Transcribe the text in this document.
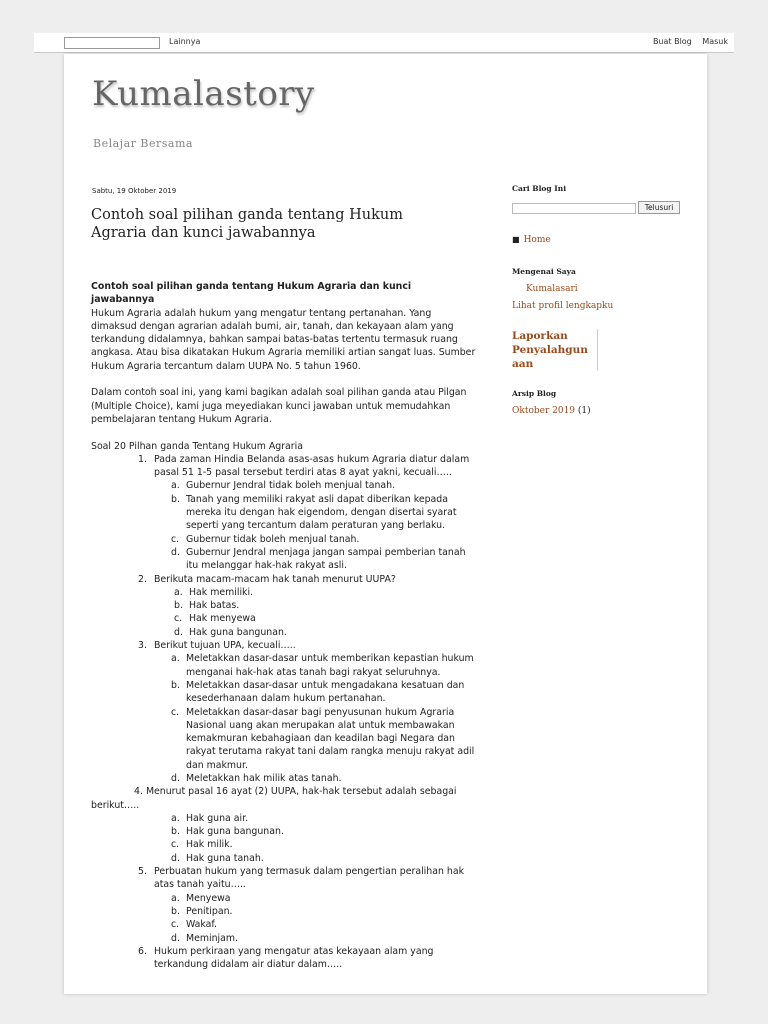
Lainnya	Buat Blog Masuk
Kumalastory
Belajar Bersama
Sabtu, 19 Oktober 2019
Contoh soal pilihan ganda tentang Hukum Agraria dan kunci jawabannya
Contoh soal pilihan ganda tentang Hukum Agraria dan kunci jawabannya

Hukum Agraria adalah hukum yang mengatur tentang pertanahan. Yang dimaksud dengan agrarian adalah bumi, air, tanah, dan kekayaan alam yang terkandung didalamnya, bahkan sampai batas-batas tertentu termasuk ruang angkasa. Atau bisa dikatakan Hukum Agraria memiliki artian sangat luas. Sumber Hukum Agraria tercantum dalam UUPA No. 5 tahun 1960.

Dalam contoh soal ini, yang kami bagikan adalah soal pilihan ganda atau Pilgan (Multiple Choice), kami juga meyediakan kunci jawaban untuk memudahkan pembelajaran tentang Hukum Agraria.

Soal 20 Pilhan ganda Tentang Hukum Agraria
1. Pada zaman Hindia Belanda asas-asas hukum Agraria diatur dalam pasal 51 1-5 pasal tersebut terdiri atas 8 ayat yakni, kecuali…..
a. Gubernur Jendral tidak boleh menjual tanah.
b. Tanah yang memiliki rakyat asli dapat diberikan kepada mereka itu dengan hak eigendom, dengan disertai syarat seperti yang tercantum dalam peraturan yang berlaku.
c. Gubernur tidak boleh menjual tanah.
d. Gubernur Jendral menjaga jangan sampai pemberian tanah itu melanggar hak-hak rakyat asli.
2. Berikuta macam-macam hak tanah menurut UUPA?
a. Hak memiliki.
b. Hak batas.
c. Hak menyewa
d. Hak guna bangunan.
3. Berikut tujuan UPA, kecuali…..
a. Meletakkan dasar-dasar untuk memberikan kepastian hukum menganai hak-hak atas tanah bagi rakyat seluruhnya.
b. Meletakkan dasar-dasar untuk mengadakana kesatuan dan kesederhanaan dalam hukum pertanahan.
c. Meletakkan dasar-dasar bagi penyusunan hukum Agraria Nasional uang akan merupakan alat untuk membawakan kemakmuran kebahagiaan dan keadilan bagi Negara dan rakyat terutama rakyat tani dalam rangka menuju rakyat adil dan makmur.
d. Meletakkan hak milik atas tanah.
4. Menurut pasal 16 ayat (2) UUPA, hak-hak tersebut adalah sebagai
berikut…..
a. Hak guna air.
b. Hak guna bangunan.
c. Hak milik.
d. Hak guna tanah.
5. Perbuatan hukum yang termasuk dalam pengertian peralihan hak atas tanah yaitu…..
a. Menyewa
b. Penitipan.
c. Wakaf.
d. Meminjam.
6. Hukum perkiraan yang mengatur atas kekayaan alam yang terkandung didalam air diatur dalam…..
Cari Blog Ini
Telusuri
■ Home
Mengenai Saya
Kumalasari
Lihat profil lengkapku
Laporkan Penyalahgun aan
Arsip Blog
Oktober 2019 (1)
